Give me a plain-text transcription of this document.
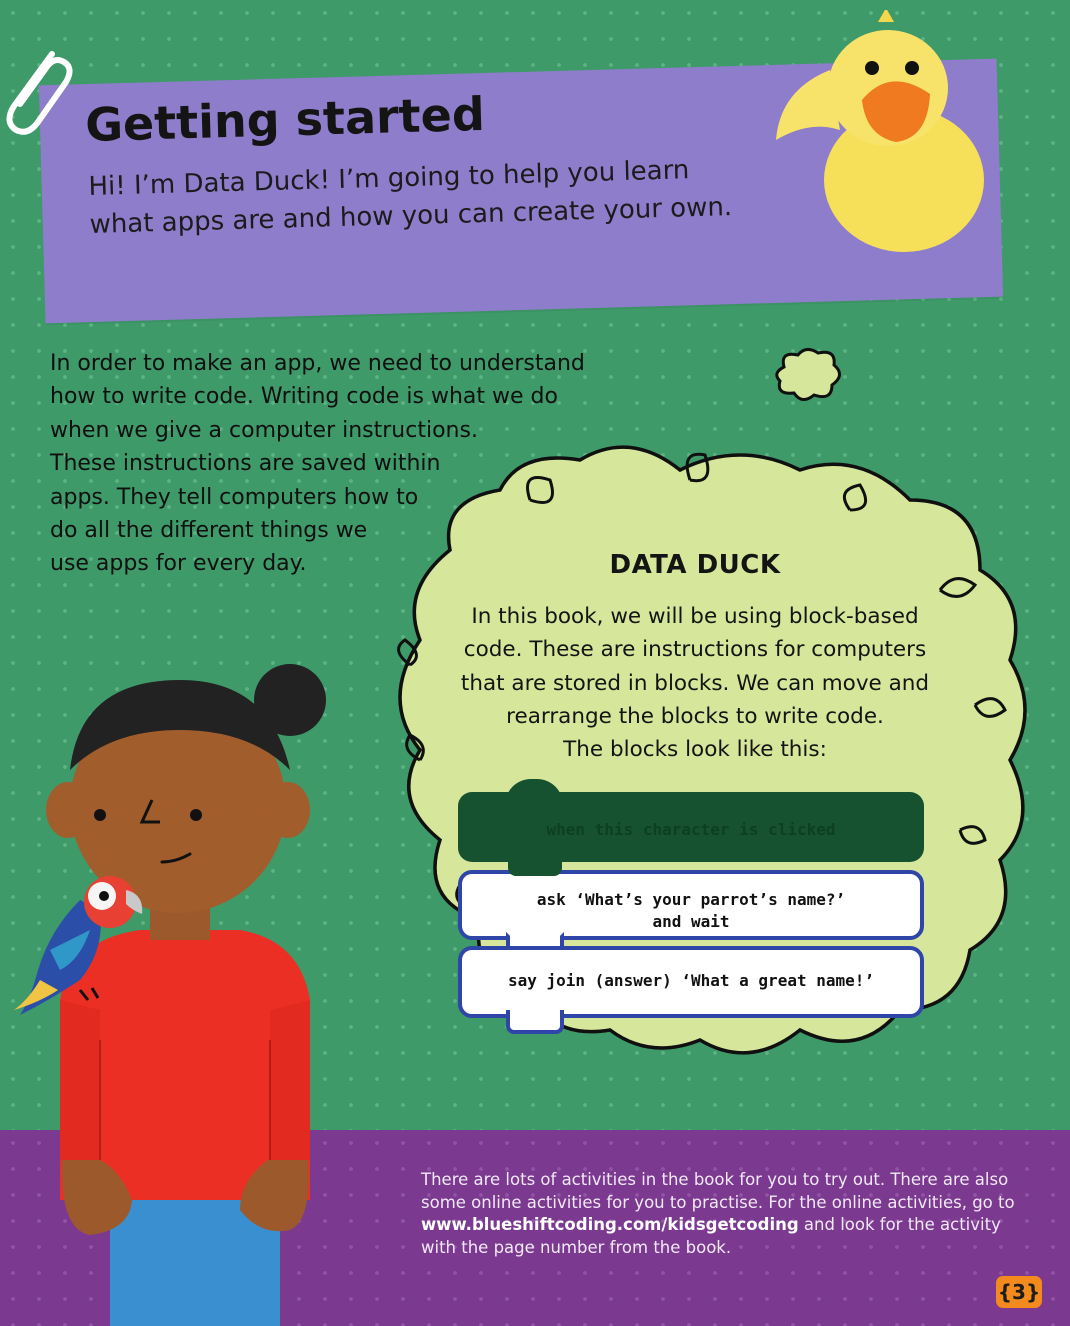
Getting started

Hi! I’m Data Duck! I’m going to help you learn
what apps are and how you can create your own.

In order to make an app, we need to understand
how to write code. Writing code is what we do
when we give a computer instructions.
These instructions are saved within
apps. They tell computers how to
do all the different things we
use apps for every day.	DATA DUCK

In this book, we will be using block-based
code. These are instructions for computers
that are stored in blocks. We can move and
rearrange the blocks to write code.
The blocks look like this:

when this character is clicked
ask ‘What’s your parrot’s name?’
and wait
say join (answer) ‘What a great name!’

There are lots of activities in the book for you to try out. There are also some online activities for you to practise. For the online activities, go to www.blueshiftcoding.com/kidsgetcoding and look for the activity with the page number from the book.

{3}
